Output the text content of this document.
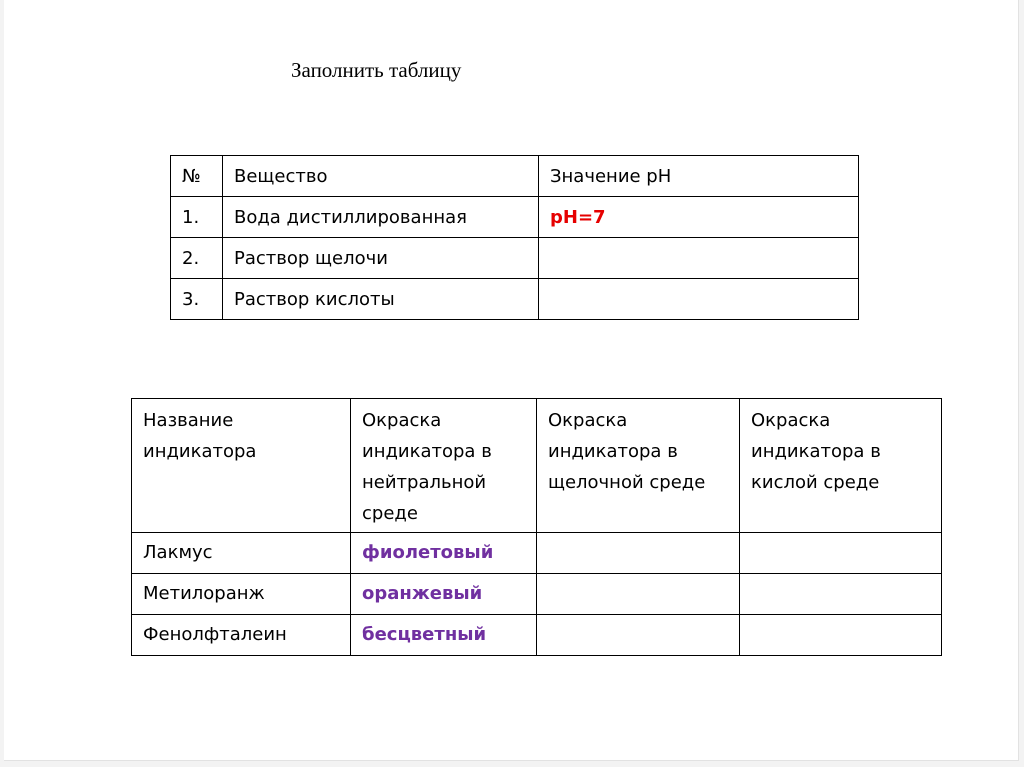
Заполнить таблицу
№	Вещество	Значение pH
1.	Вода дистиллированная	pH=7
2.	Раствор щелочи	
3.	Раствор кислоты	
Название индикатора	Окраска индикатора в нейтральной среде	Окраска индикатора в щелочной среде	Окраска индикатора в кислой среде
Лакмус	фиолетовый		
Метилоранж	оранжевый		
Фенолфталеин	бесцветный		
